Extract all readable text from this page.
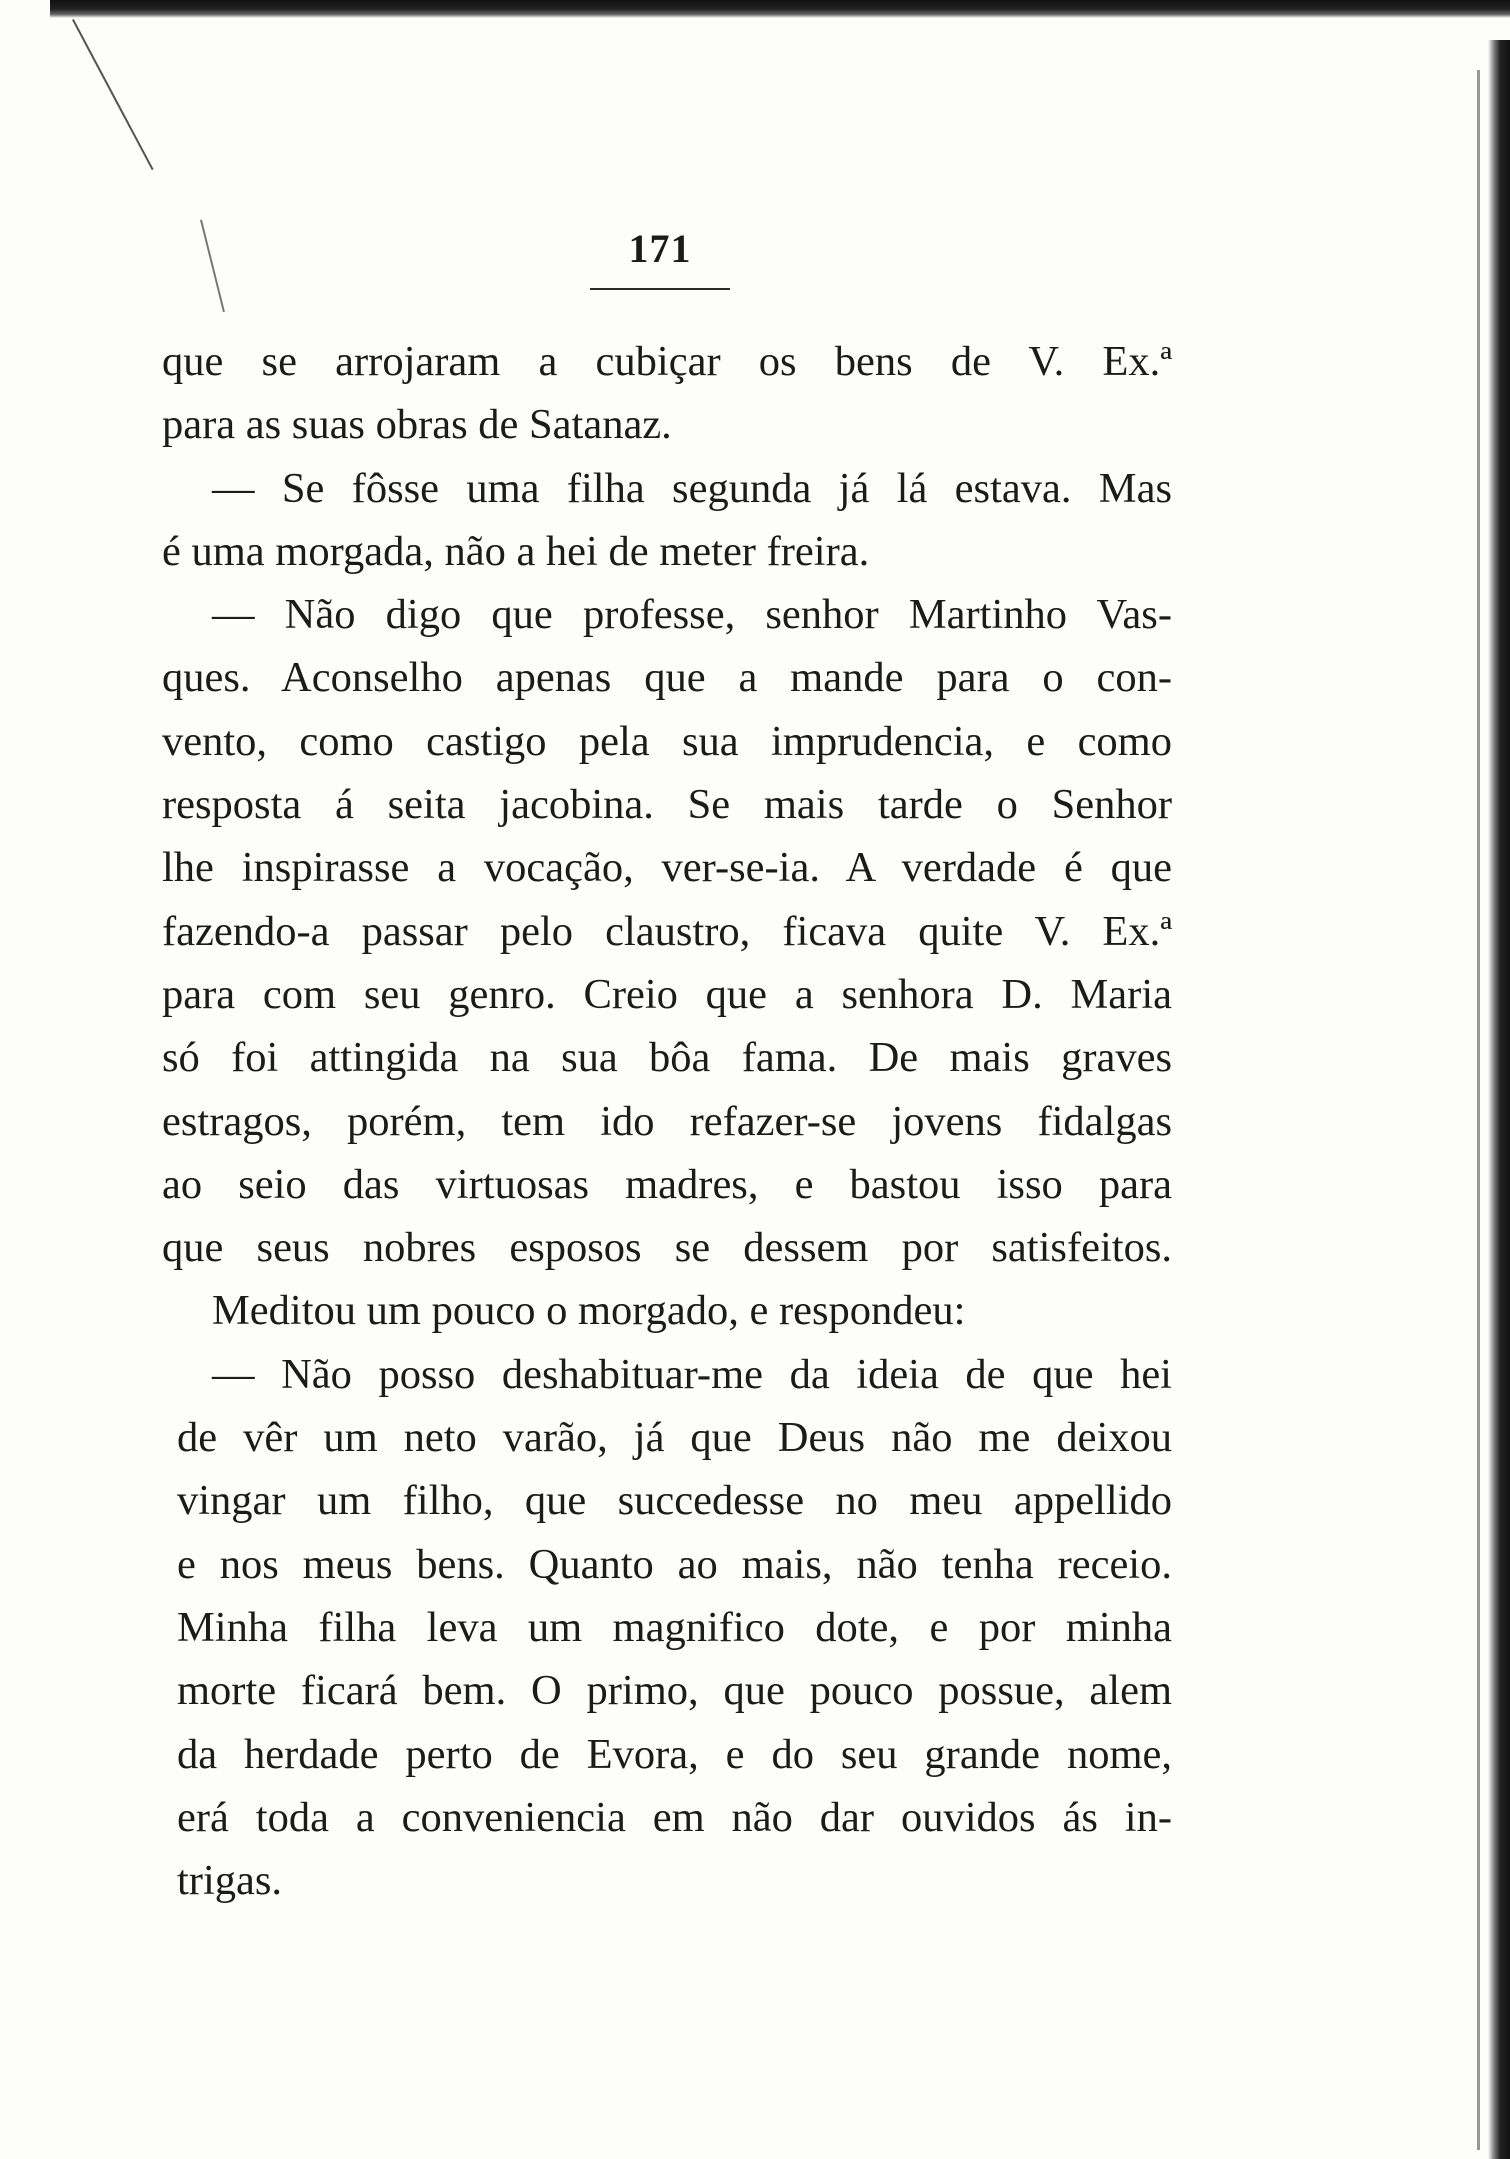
171
que se arrojaram a cubiçar os bens de V. Ex.ª
para as suas obras de Satanaz.
— Se fôsse uma filha segunda já lá estava. Mas
é uma morgada, não a hei de meter freira.
— Não digo que professe, senhor Martinho Vas-
ques. Aconselho apenas que a mande para o con-
vento, como castigo pela sua imprudencia, e como
resposta á seita jacobina. Se mais tarde o Senhor
lhe inspirasse a vocação, ver-se-ia. A verdade é que
fazendo-a passar pelo claustro, ficava quite V. Ex.ª
para com seu genro. Creio que a senhora D. Maria
só foi attingida na sua bôa fama. De mais graves
estragos, porém, tem ido refazer-se jovens fidalgas
ao seio das virtuosas madres, e bastou isso para
que seus nobres esposos se dessem por satisfeitos.
Meditou um pouco o morgado, e respondeu:
— Não posso deshabituar-me da ideia de que hei
de vêr um neto varão, já que Deus não me deixou
vingar um filho, que succedesse no meu appellido
e nos meus bens. Quanto ao mais, não tenha receio.
Minha filha leva um magnifico dote, e por minha
morte ficará bem. O primo, que pouco possue, alem
da herdade perto de Evora, e do seu grande nome,
erá toda a conveniencia em não dar ouvidos ás in-
trigas.
